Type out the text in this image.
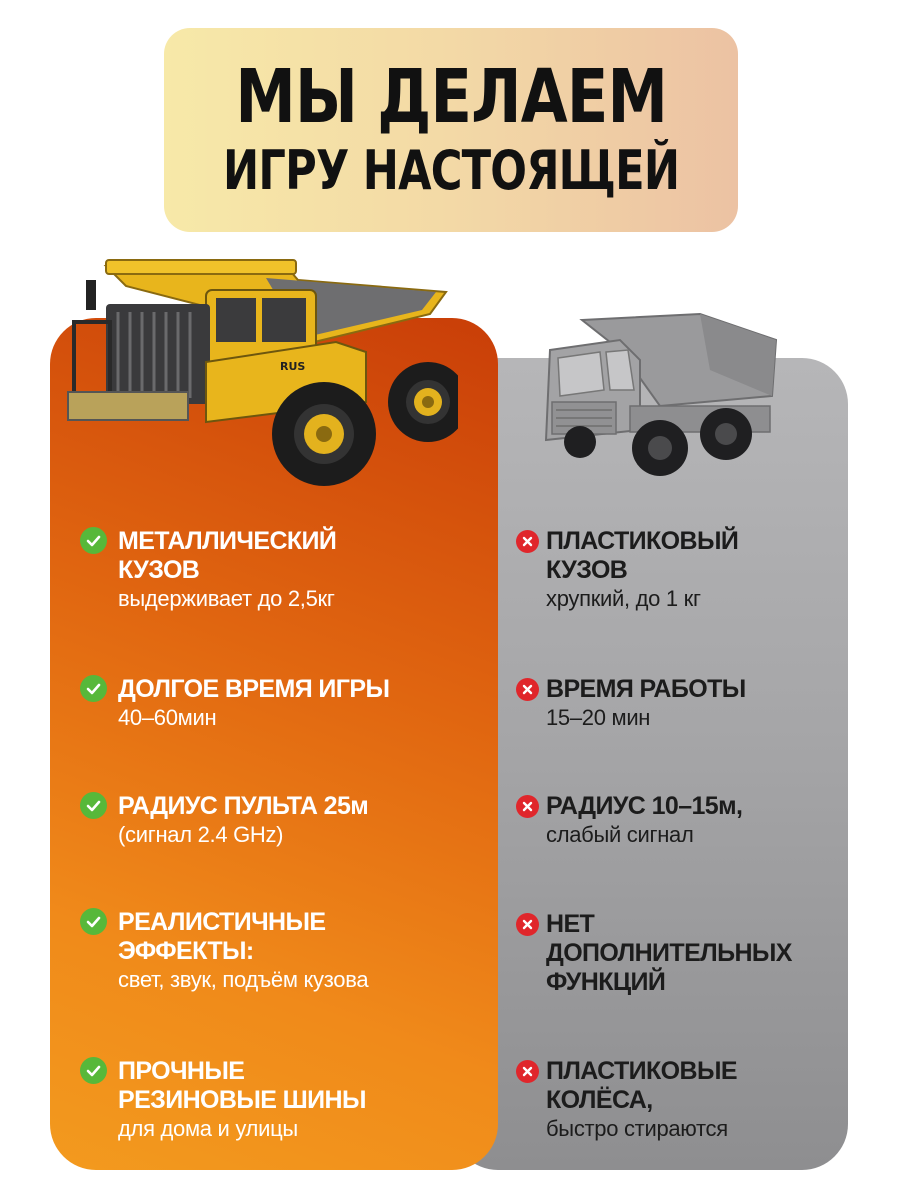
МЫ ДЕЛАЕМ
ИГРУ НАСТОЯЩЕЙ
RUS
МЕТАЛЛИЧЕСКИЙ
КУЗОВ
выдерживает до 2,5кг
ДОЛГОЕ ВРЕМЯ ИГРЫ
40–60мин
РАДИУС ПУЛЬТА 25м
(сигнал 2.4 GHz)
РЕАЛИСТИЧНЫЕ
ЭФФЕКТЫ:
свет, звук, подъём кузова
ПРОЧНЫЕ
РЕЗИНОВЫЕ ШИНЫ
для дома и улицы
ПЛАСТИКОВЫЙ
КУЗОВ
хрупкий, до 1 кг
ВРЕМЯ РАБОТЫ
15–20 мин
РАДИУС 10–15м,
слабый сигнал
НЕТ
ДОПОЛНИТЕЛЬНЫХ
ФУНКЦИЙ
ПЛАСТИКОВЫЕ
КОЛЁСА,
быстро стираются
